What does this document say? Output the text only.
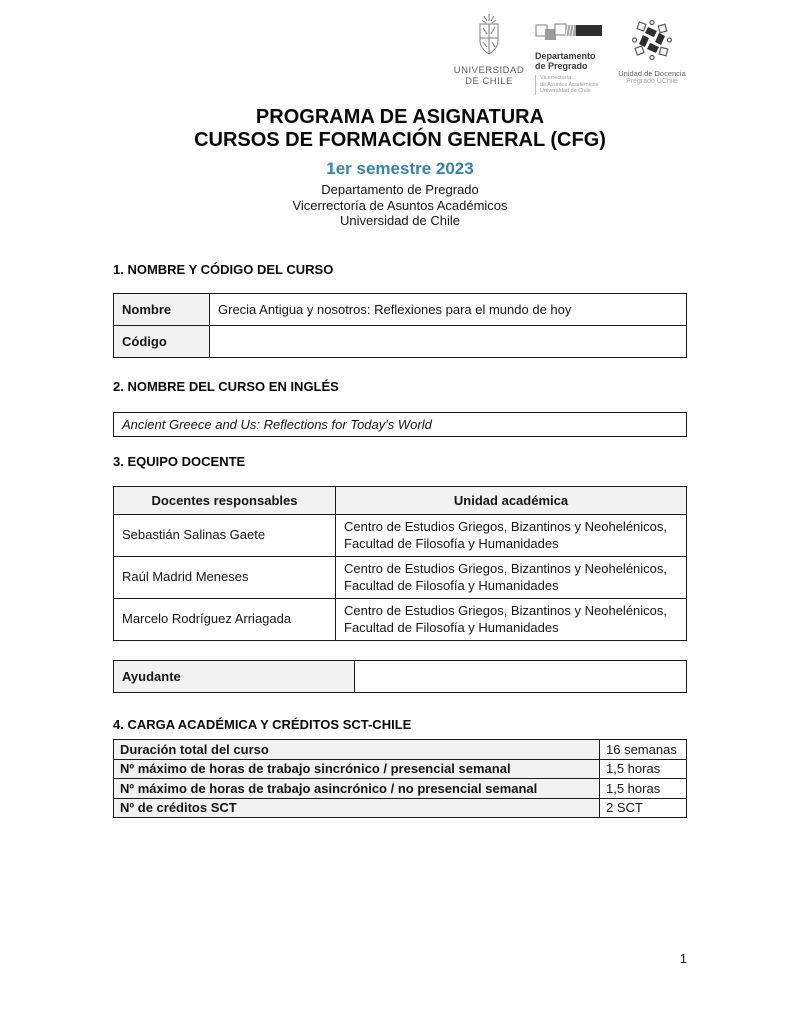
UNIVERSIDAD
DE CHILE
Departamento
de Pregrado
Vicerrectoría
de Asuntos Académicos
Universidad de Chile
Unidad de Docencia
Pregrado UChile
PROGRAMA DE ASIGNATURA
CURSOS DE FORMACIÓN GENERAL (CFG)
1er semestre 2023
Departamento de Pregrado
Vicerrectoría de Asuntos Académicos
Universidad de Chile
1. NOMBRE Y CÓDIGO DEL CURSO
Nombre	Grecia Antigua y nosotros: Reflexiones para el mundo de hoy
Código	
2. NOMBRE DEL CURSO EN INGLÉS
Ancient Greece and Us: Reflections for Today's World
3. EQUIPO DOCENTE
Docentes responsables	Unidad académica
Sebastián Salinas Gaete	Centro de Estudios Griegos, Bizantinos y Neohelénicos, Facultad de Filosofía y Humanidades
Raúl Madrid Meneses	Centro de Estudios Griegos, Bizantinos y Neohelénicos, Facultad de Filosofía y Humanidades
Marcelo Rodríguez Arriagada	Centro de Estudios Griegos, Bizantinos y Neohelénicos, Facultad de Filosofía y Humanidades
Ayudante	
4. CARGA ACADÉMICA Y CRÉDITOS SCT-CHILE
Duración total del curso	16 semanas
Nº máximo de horas de trabajo sincrónico / presencial semanal	1,5 horas
Nº máximo de horas de trabajo asincrónico / no presencial semanal	1,5 horas
Nº de créditos SCT	2 SCT
1
